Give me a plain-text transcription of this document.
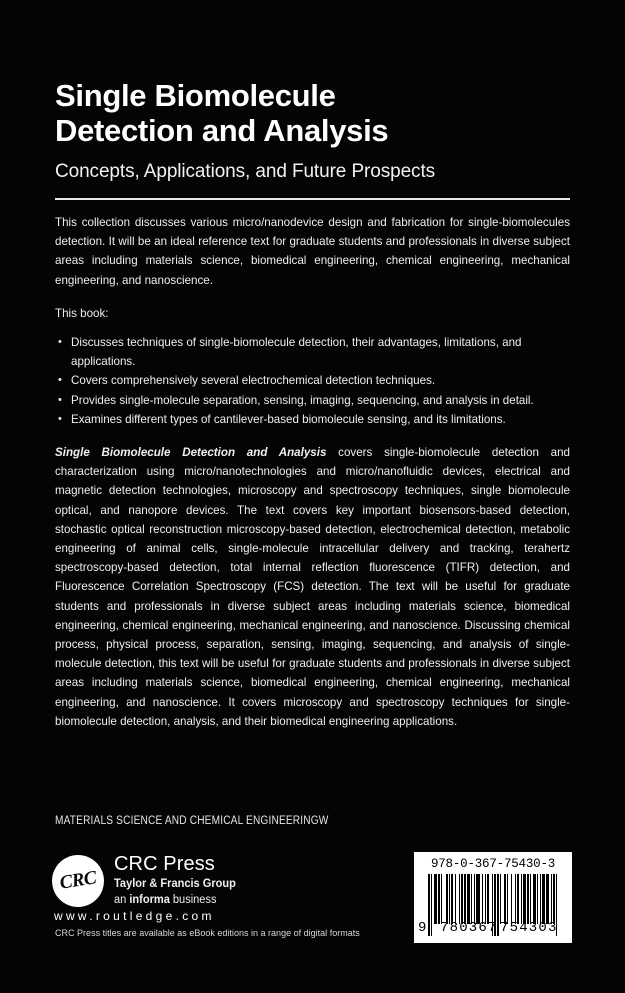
Single Biomolecule
Detection and Analysis
Concepts, Applications, and Future Prospects

This collection discusses various micro/nanodevice design and fabrication for single-biomolecules detection. It will be an ideal reference text for graduate students and professionals in diverse subject areas including materials science, biomedical engineering, chemical engineering, mechanical engineering, and nanoscience.

This book:
• Discusses techniques of single-biomolecule detection, their advantages, limitations, and applications.
• Covers comprehensively several electrochemical detection techniques.
• Provides single-molecule separation, sensing, imaging, sequencing, and analysis in detail.
• Examines different types of cantilever-based biomolecule sensing, and its limitations.

Single Biomolecule Detection and Analysis covers single-biomolecule detection and characterization using micro/nanotechnologies and micro/nanofluidic devices, electrical and magnetic detection technologies, microscopy and spectroscopy techniques, single biomolecule optical, and nanopore devices. The text covers key important biosensors-based detection, stochastic optical reconstruction microscopy-based detection, electrochemical detection, metabolic engineering of animal cells, single-molecule intracellular delivery and tracking, terahertz spectroscopy-based detection, total internal reflection fluorescence (TIFR) detection, and Fluorescence Correlation Spectroscopy (FCS) detection. The text will be useful for graduate students and professionals in diverse subject areas including materials science, biomedical engineering, chemical engineering, mechanical engineering, and nanoscience. Discussing chemical process, physical process, separation, sensing, imaging, sequencing, and analysis of single-molecule detection, this text will be useful for graduate students and professionals in diverse subject areas including materials science, biomedical engineering, chemical engineering, mechanical engineering, and nanoscience. It covers microscopy and spectroscopy techniques for single-biomolecule detection, analysis, and their biomedical engineering applications.

MATERIALS SCIENCE AND CHEMICAL ENGINEERINGW
CRC
CRC Press
Taylor & Francis Group
an informa business
www.routledge.com
CRC Press titles are available as eBook editions in a range of digital formats
978-0-367-75430-3
9 780367 754303
